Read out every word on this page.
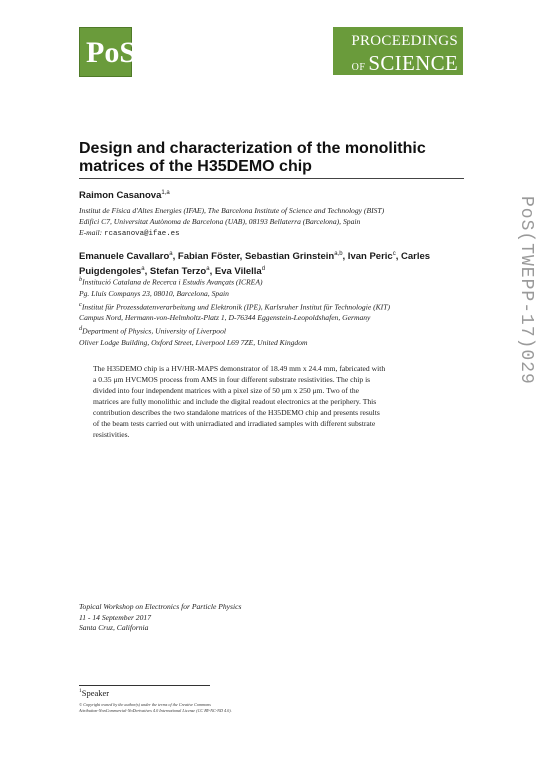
PoS	PROCEEDINGS
OF SCIENCE
Design and characterization of the monolithic
matrices of the H35DEMO chip
Raimon Casanova$^{1,a}$
Institut de Física d'Altes Energies (IFAE), The Barcelona Institute of Science and Technology (BIST)
Edifici C7, Universitat Autònoma de Barcelona (UAB), 08193 Bellaterra (Barcelona), Spain
E-mail: rcasanova@ifae.es
Emanuele Cavallaro$^a$, Fabian Föster, Sebastian Grinstein$^{a,b}$, Ivan Peric$^c$, Carles
Puigdengoles$^a$, Stefan Terzo$^a$, Eva Vilella$^d$
$^b$Institució Catalana de Recerca i Estudis Avançats (ICREA)
Pg. Lluís Companys 23, 08010, Barcelona, Spain
$^c$Institut für Prozessdatenverarbeitung und Elektronik (IPE), Karlsruher Institut für Technologie (KIT)
Campus Nord, Hermann-von-Helmholtz-Platz 1, D-76344 Eggenstein-Leopoldshafen, Germany
$^d$Department of Physics, University of Liverpool
Oliver Lodge Building, Oxford Street, Liverpool L69 7ZE, United Kingdom
The H35DEMO chip is a HV/HR-MAPS demonstrator of 18.49 mm x 24.4 mm, fabricated with
a 0.35 μm HVCMOS process from AMS in four different substrate resistivities. The chip is
divided into four independent matrices with a pixel size of 50 μm x 250 μm. Two of the
matrices are fully monolithic and include the digital readout electronics at the periphery. This
contribution describes the two standalone matrices of the H35DEMO chip and presents results
of the beam tests carried out with unirradiated and irradiated samples with different substrate
resistivities.
Topical Workshop on Electronics for Particle Physics
11 - 14 September 2017
Santa Cruz, California
$^1$Speaker
© Copyright owned by the author(s) under the terms of the Creative Commons
Attribution-NonCommercial-NoDerivatives 4.0 International License (CC BY-NC-ND 4.0).
PoS(TWEPP-17)029
